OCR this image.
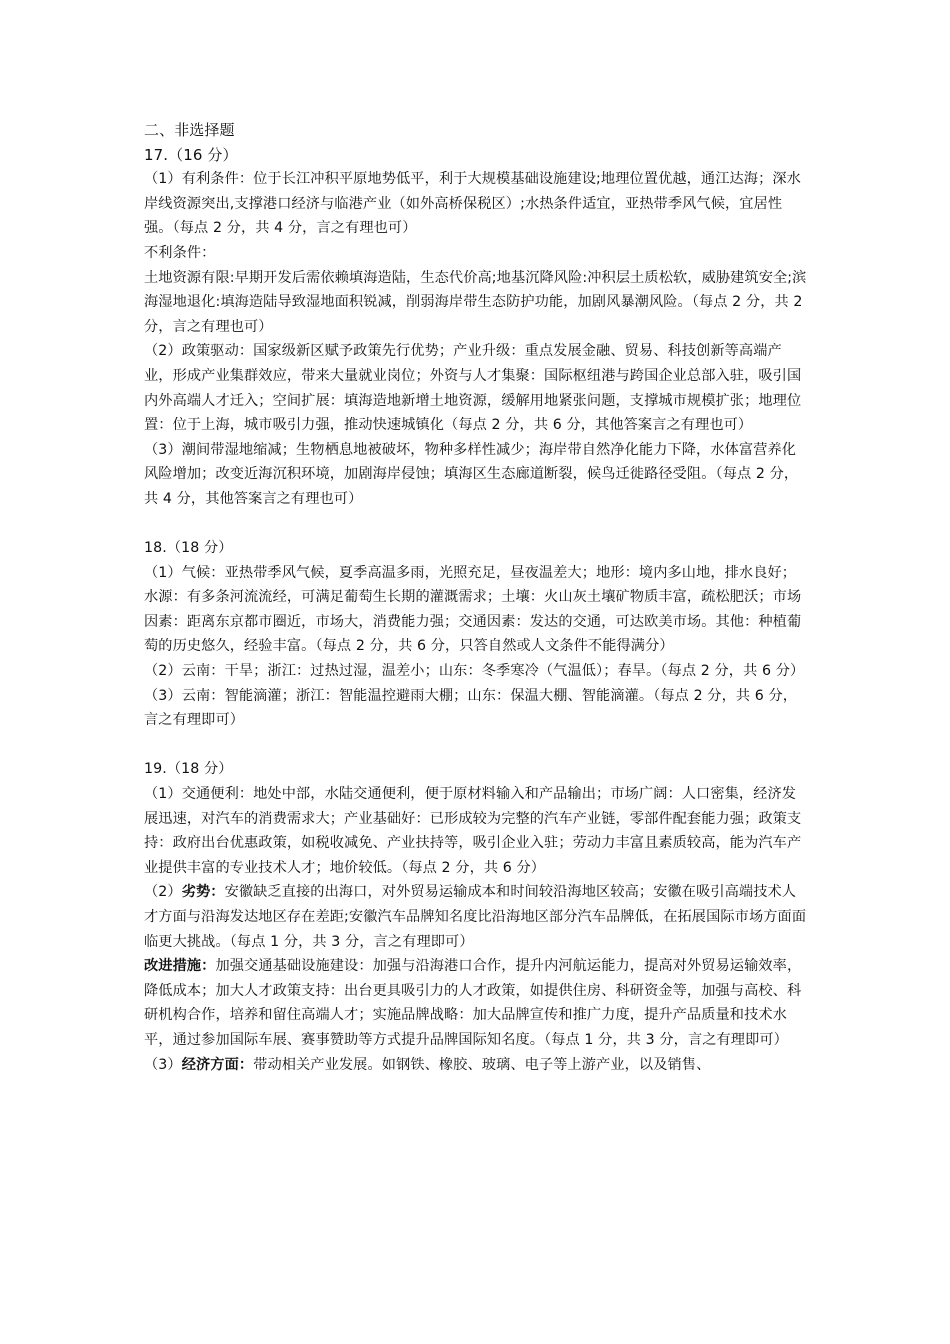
二、非选择题
17.（16 分）
（1）有利条件：位于长江冲积平原地势低平，利于大规模基础设施建设;地理位置优越，通江达海；深水岸线资源突出,支撑港口经济与临港产业（如外高桥保税区）;水热条件适宜，亚热带季风气候，宜居性强。（每点 2 分，共 4 分，言之有理也可）
不利条件：
土地资源有限:早期开发后需依赖填海造陆，生态代价高;地基沉降风险:冲积层土质松软，威胁建筑安全;滨海湿地退化:填海造陆导致湿地面积锐减，削弱海岸带生态防护功能，加剧风暴潮风险。（每点 2 分，共 2 分，言之有理也可）
（2）政策驱动：国家级新区赋予政策先行优势；产业升级：重点发展金融、贸易、科技创新等高端产业，形成产业集群效应，带来大量就业岗位；外资与人才集聚：国际枢纽港与跨国企业总部入驻，吸引国内外高端人才迁入；空间扩展：填海造地新增土地资源，缓解用地紧张问题，支撑城市规模扩张；地理位置：位于上海，城市吸引力强，推动快速城镇化（每点 2 分，共 6 分，其他答案言之有理也可）
（3）潮间带湿地缩减；生物栖息地被破坏，物种多样性减少；海岸带自然净化能力下降，水体富营养化风险增加；改变近海沉积环境，加剧海岸侵蚀；填海区生态廊道断裂，候鸟迁徙路径受阻。（每点 2 分，共 4 分，其他答案言之有理也可）
18.（18 分）
（1）气候：亚热带季风气候，夏季高温多雨，光照充足，昼夜温差大；地形：境内多山地，排水良好；水源：有多条河流流经，可满足葡萄生长期的灌溉需求；土壤：火山灰土壤矿物质丰富，疏松肥沃；市场因素：距离东京都市圈近，市场大，消费能力强；交通因素：发达的交通，可达欧美市场。其他：种植葡萄的历史悠久，经验丰富。（每点 2 分，共 6 分，只答自然或人文条件不能得满分）
（2）云南：干旱；浙江：过热过湿，温差小；山东：冬季寒冷（气温低）；春旱。（每点 2 分，共 6 分）
（3）云南：智能滴灌；浙江：智能温控避雨大棚；山东：保温大棚、智能滴灌。（每点 2 分，共 6 分，言之有理即可）
19.（18 分）
（1）交通便利：地处中部，水陆交通便利，便于原材料输入和产品输出；市场广阔：人口密集，经济发展迅速，对汽车的消费需求大；产业基础好：已形成较为完整的汽车产业链，零部件配套能力强；政策支持：政府出台优惠政策，如税收减免、产业扶持等，吸引企业入驻；劳动力丰富且素质较高，能为汽车产业提供丰富的专业技术人才；地价较低。（每点 2 分，共 6 分）
（2）劣势：安徽缺乏直接的出海口，对外贸易运输成本和时间较沿海地区较高；安徽在吸引高端技术人才方面与沿海发达地区存在差距;安徽汽车品牌知名度比沿海地区部分汽车品牌低，在拓展国际市场方面面临更大挑战。（每点 1 分，共 3 分，言之有理即可）
改进措施：加强交通基础设施建设：加强与沿海港口合作，提升内河航运能力，提高对外贸易运输效率，降低成本；加大人才政策支持：出台更具吸引力的人才政策，如提供住房、科研资金等，加强与高校、科研机构合作，培养和留住高端人才；实施品牌战略：加大品牌宣传和推广力度，提升产品质量和技术水平，通过参加国际车展、赛事赞助等方式提升品牌国际知名度。（每点 1 分，共 3 分，言之有理即可）
（3）经济方面：带动相关产业发展。如钢铁、橡胶、玻璃、电子等上游产业，以及销售、
